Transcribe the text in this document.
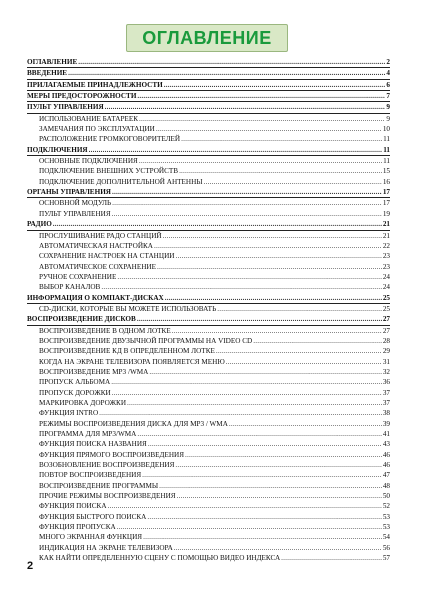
ОГЛАВЛЕНИЕ
ОГЛАВЛЕНИЕ .....	2
ВВЕДЕНИЕ .....	4
ПРИЛАГАЕМЫЕ ПРИНАДЛЕЖНОСТИ .....	6
МЕРЫ ПРЕДОСТОРОЖНОСТИ .....	7
ПУЛЬТ УПРАВЛЕНИЯ .....	9
ИСПОЛЬЗОВАНИЕ БАТАРЕЕК .....	9
ЗАМЕЧАНИЯ ПО ЭКСПЛУАТАЦИИ .....	10
РАСПОЛОЖЕНИЕ ГРОМКОГОВОРИТЕЛЕЙ .....	11
ПОДКЛЮЧЕНИЯ .....	11
ОСНОВНЫЕ ПОДКЛЮЧЕНИЯ .....	11
ПОДКЛЮЧЕНИЕ ВНЕШНИХ УСТРОЙСТВ .....	15
ПОДКЛЮЧЕНИЕ ДОПОЛНИТЕЛЬНОЙ АНТЕННЫ .....	16
ОРГАНЫ УПРАВЛЕНИЯ .....	17
ОСНОВНОЙ МОДУЛЬ .....	17
ПУЛЬТ УПРАВЛЕНИЯ .....	19
РАДИО .....	21
ПРОСЛУШИВАНИЕ РАДО СТАНЦИЙ .....	21
АВТОМАТИЧЕСКАЯ НАСТРОЙКА .....	22
СОХРАНЕНИЕ НАСТРОЕК НА СТАНЦИИ .....	23
АВТОМАТИЧЕСКОЕ СОХРАНЕНИЕ .....	23
РУЧНОЕ СОХРАНЕНИЕ .....	24
ВЫБОР КАНАЛОВ .....	24
ИНФОРМАЦИЯ О КОМПАКТ-ДИСКАХ .....	25
CD-ДИСКИ, КОТОРЫЕ ВЫ МОЖЕТЕ ИСПОЛЬЗОВАТЬ .....	25
ВОСПРОИЗВЕДЕНИЕ ДИСКОВ .....	27
ВОСПРОИЗВЕДЕНИЕ В ОДНОМ ЛОТКЕ .....	27
ВОСПРОИЗВЕДЕНИЕ ДВУЗЫЧНОЙ ПРОГРАММЫ НА VIDEO CD .....	28
ВОСПРОИЗВЕДЕНИЕ КД В ОПРЕДЕЛЕННОМ ЛОТКЕ .....	29
КОГДА НА ЭКРАНЕ ТЕЛЕВИЗОРА ПОЯВЛЯЕТСЯ МЕНЮ .....	31
ВОСПРОИЗВЕДЕНИЕ MP3 /WMA .....	32
ПРОПУСК АЛЬБОМА .....	36
ПРОПУСК ДОРОЖКИ .....	37
МАРКИРОВКА ДОРОЖКИ .....	37
ФУНКЦИЯ INTRO .....	38
РЕЖИМЫ ВОСПРОИЗВЕДЕНИЯ ДИСКА ДЛЯ MP3 / WMA .....	39
ПРОГРАММА ДЛЯ MP3/WMA .....	41
ФУНКЦИЯ ПОИСКА НАЗВАНИЯ .....	43
ФУНКЦИЯ ПРЯМОГО ВОСПРОИЗВЕДЕНИЯ .....	46
ВОЗОБНОВЛЕНИЕ ВОСПРОИЗВЕДЕНИЯ .....	46
ПОВТОР ВОСПРОИЗВЕДЕНИЯ .....	47
ВОСПРОИЗВЕДЕНИЕ ПРОГРАММЫ .....	48
ПРОЧИЕ РЕЖИМЫ ВОСПРОИЗВЕДЕНИЯ .....	50
ФУНКЦИЯ ПОИСКА .....	52
ФУНКЦИЯ БЫСТРОГО ПОИСКА .....	53
ФУНКЦИЯ ПРОПУСКА .....	53
МНОГО ЭКРАННАЯ ФУНКЦИЯ .....	54
ИНДИКАЦИЯ НА ЭКРАНЕ ТЕЛЕВИЗОРА .....	56
КАК НАЙТИ ОПРЕДЕЛЕННУЮ СЦЕНУ С ПОМОЩЬЮ ВИДЕО ИНДЕКСА .....	57
2
